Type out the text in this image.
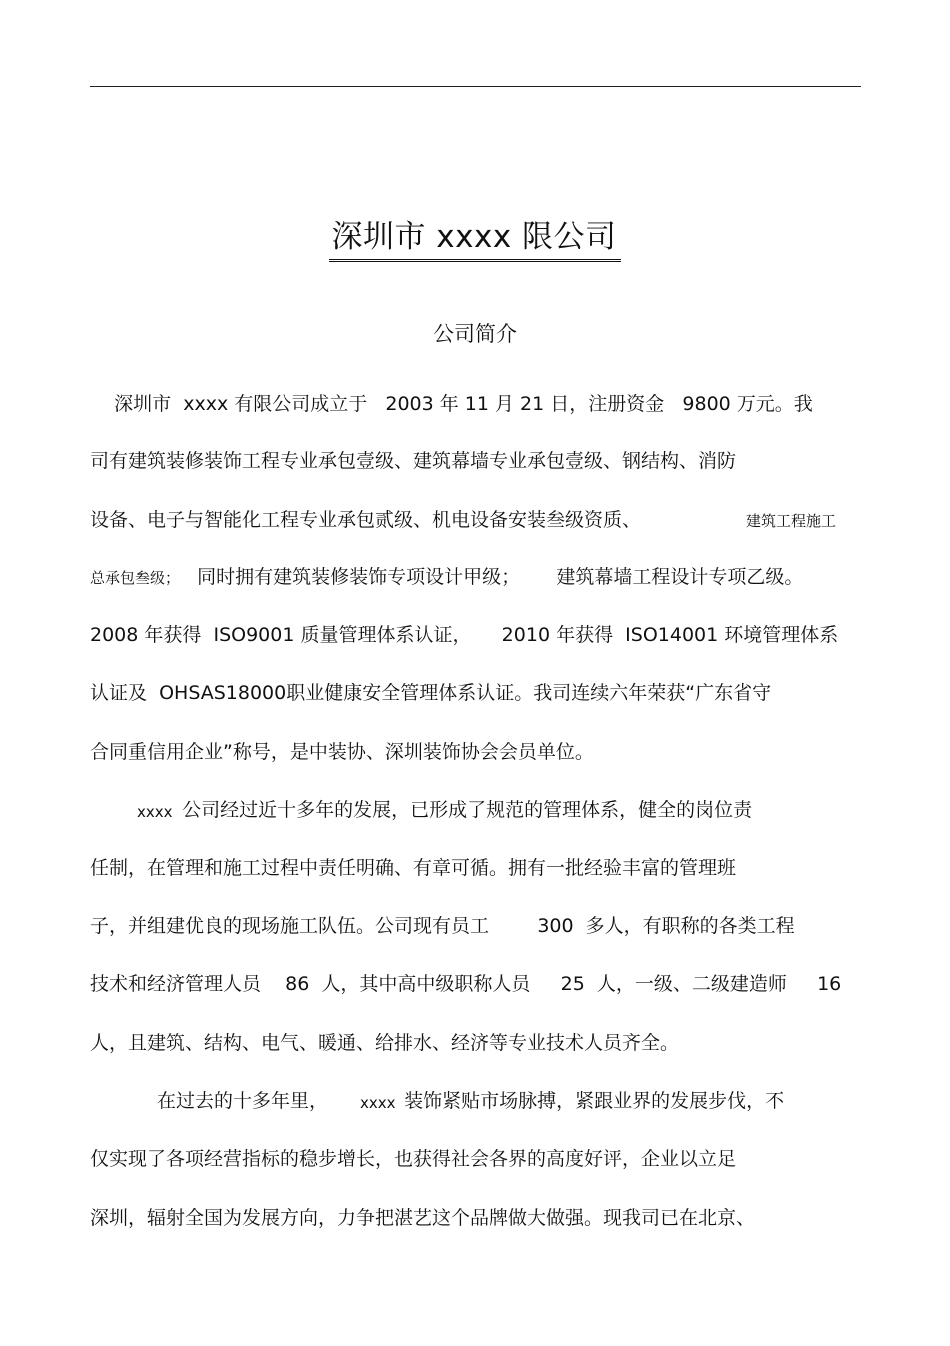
深圳市 xxxx 限公司
公司简介
深圳市  xxxx 有限公司成立于   2003 年 11 月 21 日，注册资金   9800 万元。我
司有建筑装修装饰工程专业承包壹级、建筑幕墙专业承包壹级、钢结构、消防
设备、电子与智能化工程专业承包贰级、机电设备安装叁级资质、	建筑工程施工
总承包叁级； 同时拥有建筑装修装饰专项设计甲级；      建筑幕墙工程设计专项乙级。
2008 年获得  ISO9001 质量管理体系认证，     2010 年获得  ISO14001 环境管理体系
认证及  OHSAS18000职业健康安全管理体系认证。我司连续六年荣获“广东省守
合同重信用企业”称号，是中装协、深圳装饰协会会员单位。
xxxx
公司经过近十多年的发展，已形成了规范的管理体系，健全的岗位责
任制，在管理和施工过程中责任明确、有章可循。拥有一批经验丰富的管理班
子，并组建优良的现场施工队伍。公司现有员工        300  多人，有职称的各类工程
技术和经济管理人员    86  人，其中高中级职称人员     25  人，一级、二级建造师     16
人，且建筑、结构、电气、暖通、给排水、经济等专业技术人员齐全。
在过去的十多年里， xxxx
装饰紧贴市场脉搏，紧跟业界的发展步伐，不
仅实现了各项经营指标的稳步增长，也获得社会各界的高度好评，企业以立足
深圳，辐射全国为发展方向，力争把湛艺这个品牌做大做强。现我司已在北京、
